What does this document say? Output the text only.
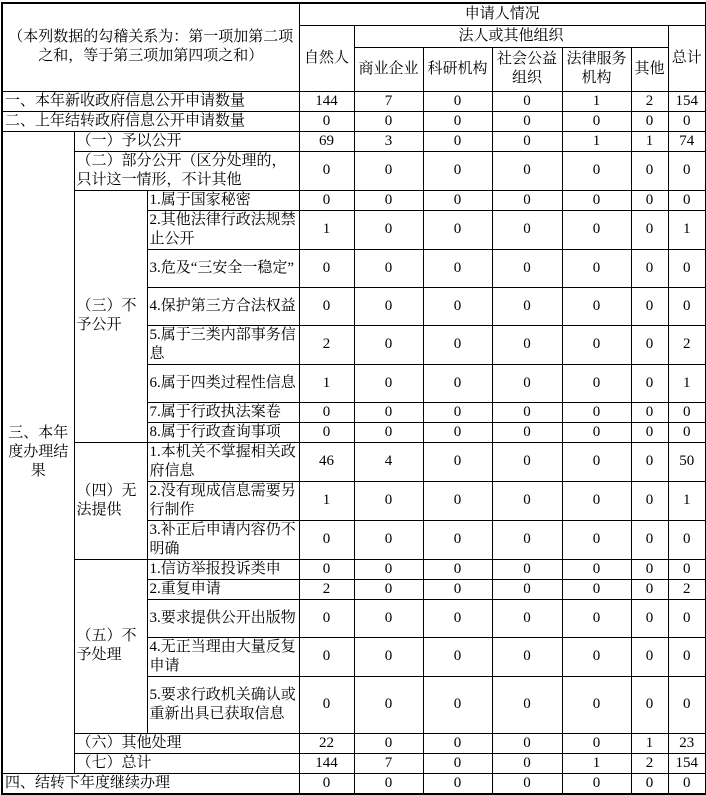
（本列数据的勾稽关系为：第一项加第二项之和，等于第三项加第四项之和）			申请人情况						
			自然人	法人或其他组织					总计
				商业企业	科研机构	社会公益组织	法律服务机构	其他	
一、本年新收政府信息公开申请数量			144	7	0	0	1	2	154
二、上年结转政府信息公开申请数量			0	0	0	0	0	0	0
三、本年度办理结果	（一）予以公开		69	3	0	0	1	1	74
	（二）部分公开（区分处理的，只计这一情形，不计其他		0	0	0	0	0	0	0
	（三）不予公开	1.属于国家秘密	0	0	0	0	0	0	0
		2.其他法律行政法规禁止公开	1	0	0	0	0	0	1
		3.危及“三安全一稳定”	0	0	0	0	0	0	0
		4.保护第三方合法权益	0	0	0	0	0	0	0
		5.属于三类内部事务信息	2	0	0	0	0	0	2
		6.属于四类过程性信息	1	0	0	0	0	0	1
		7.属于行政执法案卷	0	0	0	0	0	0	0
		8.属于行政查询事项	0	0	0	0	0	0	0
	（四）无法提供	1.本机关不掌握相关政府信息	46	4	0	0	0	0	50
		2.没有现成信息需要另行制作	1	0	0	0	0	0	1
		3.补正后申请内容仍不明确	0	0	0	0	0	0	0
	（五）不予处理	1.信访举报投诉类申	0	0	0	0	0	0	0
		2.重复申请	2	0	0	0	0	0	2
		3.要求提供公开出版物	0	0	0	0	0	0	0
		4.无正当理由大量反复申请	0	0	0	0	0	0	0
		5.要求行政机关确认或重新出具已获取信息	0	0	0	0	0	0	0
	（六）其他处理		22	0	0	0	0	1	23
	（七）总计		144	7	0	0	1	2	154
四、结转下年度继续办理			0	0	0	0	0	0	0
